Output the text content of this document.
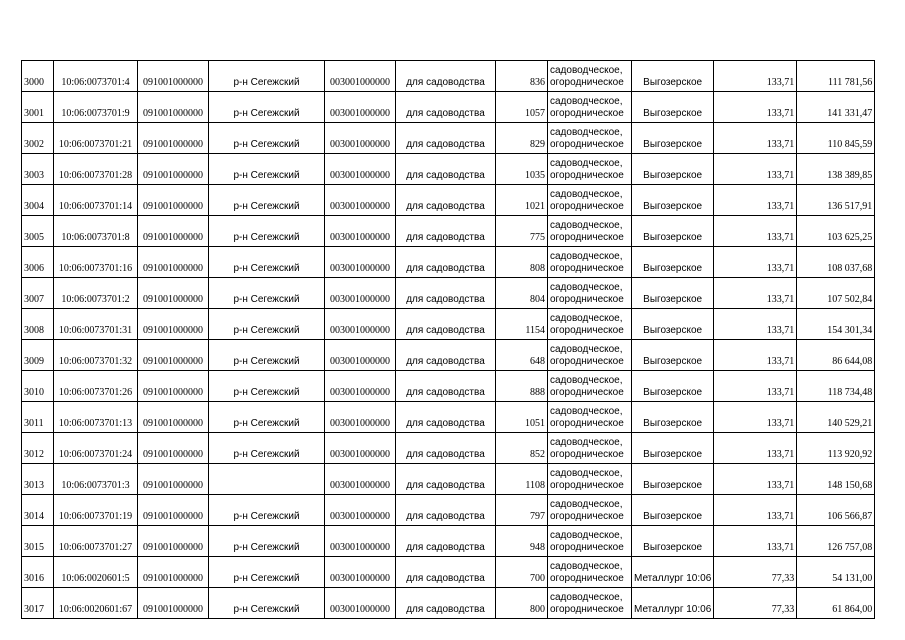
3000	10:06:0073701:4	091001000000	р-н Сегежский	003001000000	для садоводства	836	садоводческое,
огородническое	Выгозерское	133,71	111 781,56
3001	10:06:0073701:9	091001000000	р-н Сегежский	003001000000	для садоводства	1057	садоводческое,
огородническое	Выгозерское	133,71	141 331,47
3002	10:06:0073701:21	091001000000	р-н Сегежский	003001000000	для садоводства	829	садоводческое,
огородническое	Выгозерское	133,71	110 845,59
3003	10:06:0073701:28	091001000000	р-н Сегежский	003001000000	для садоводства	1035	садоводческое,
огородническое	Выгозерское	133,71	138 389,85
3004	10:06:0073701:14	091001000000	р-н Сегежский	003001000000	для садоводства	1021	садоводческое,
огородническое	Выгозерское	133,71	136 517,91
3005	10:06:0073701:8	091001000000	р-н Сегежский	003001000000	для садоводства	775	садоводческое,
огородническое	Выгозерское	133,71	103 625,25
3006	10:06:0073701:16	091001000000	р-н Сегежский	003001000000	для садоводства	808	садоводческое,
огородническое	Выгозерское	133,71	108 037,68
3007	10:06:0073701:2	091001000000	р-н Сегежский	003001000000	для садоводства	804	садоводческое,
огородническое	Выгозерское	133,71	107 502,84
3008	10:06:0073701:31	091001000000	р-н Сегежский	003001000000	для садоводства	1154	садоводческое,
огородническое	Выгозерское	133,71	154 301,34
3009	10:06:0073701:32	091001000000	р-н Сегежский	003001000000	для садоводства	648	садоводческое,
огородническое	Выгозерское	133,71	86 644,08
3010	10:06:0073701:26	091001000000	р-н Сегежский	003001000000	для садоводства	888	садоводческое,
огородническое	Выгозерское	133,71	118 734,48
3011	10:06:0073701:13	091001000000	р-н Сегежский	003001000000	для садоводства	1051	садоводческое,
огородническое	Выгозерское	133,71	140 529,21
3012	10:06:0073701:24	091001000000	р-н Сегежский	003001000000	для садоводства	852	садоводческое,
огородническое	Выгозерское	133,71	113 920,92
3013	10:06:0073701:3	091001000000		003001000000	для садоводства	1108	садоводческое,
огородническое	Выгозерское	133,71	148 150,68
3014	10:06:0073701:19	091001000000	р-н Сегежский	003001000000	для садоводства	797	садоводческое,
огородническое	Выгозерское	133,71	106 566,87
3015	10:06:0073701:27	091001000000	р-н Сегежский	003001000000	для садоводства	948	садоводческое,
огородническое	Выгозерское	133,71	126 757,08
3016	10:06:0020601:5	091001000000	р-н Сегежский	003001000000	для садоводства	700	садоводческое,
огородническое	Металлург 10:06	77,33	54 131,00
3017	10:06:0020601:67	091001000000	р-н Сегежский	003001000000	для садоводства	800	садоводческое,
огородническое	Металлург 10:06	77,33	61 864,00
